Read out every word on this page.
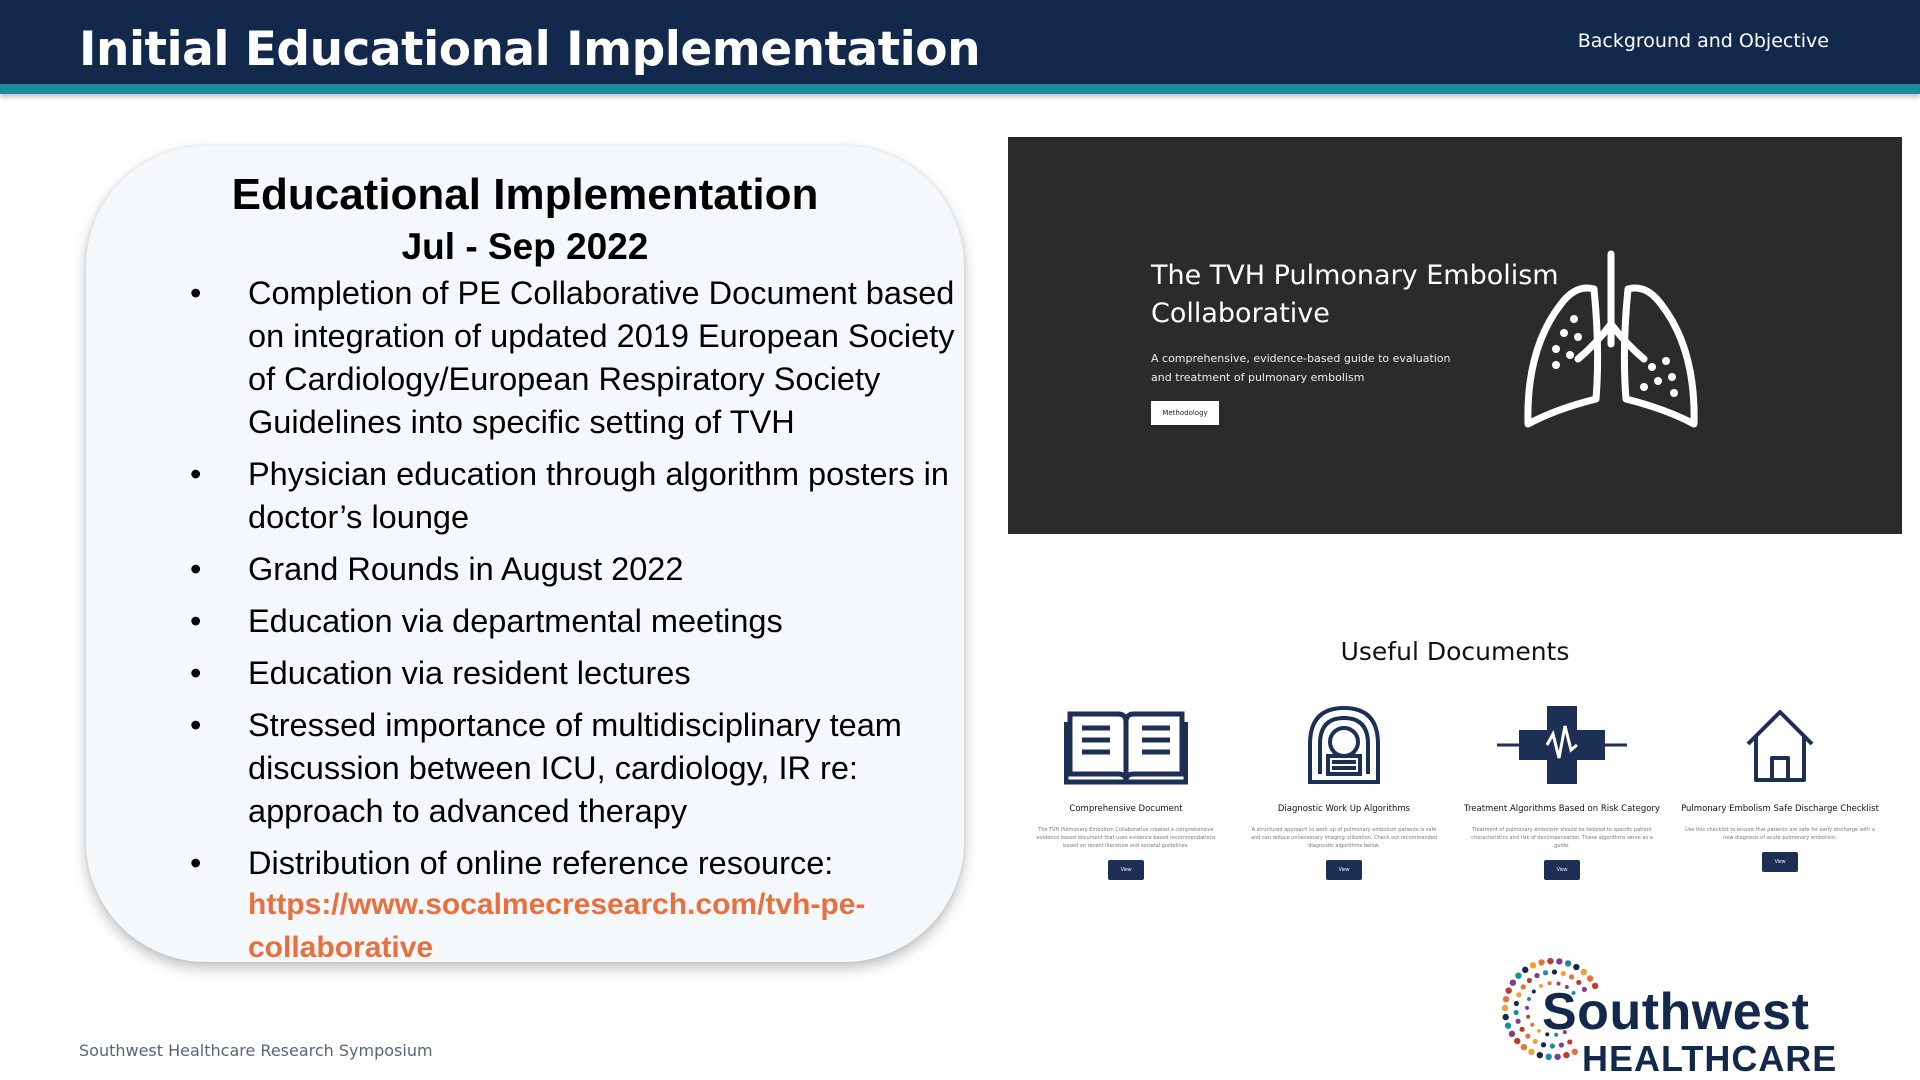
Initial Educational Implementation	Background and Objective
Educational Implementation
Jul - Sep 2022
• Completion of PE Collaborative Document based on integration of updated 2019 European Society of Cardiology/European Respiratory Society Guidelines into specific setting of TVH
• Physician education through algorithm posters in doctor’s lounge
• Grand Rounds in August 2022
• Education via departmental meetings
• Education via resident lectures
• Stressed importance of multidisciplinary team discussion between ICU, cardiology, IR re: approach to advanced therapy
• Distribution of online reference resource:
https://www.socalmecresearch.com/tvh-pe-collaborative
The TVH Pulmonary Embolism Collaborative
A comprehensive, evidence-based guide to evaluation and treatment of pulmonary embolism
Methodology
Useful Documents
Comprehensive Document
The TVH Pulmonary Embolism Collaborative created a comprehensive evidence based document that uses evidence based recommendations based on recent literature and societal guidelines.
View
Diagnostic Work Up Algorithms
A structured approach to work up of pulmonary embolism patients is safe and can reduce unnecessary imaging utilization. Check out recommended diagnostic algorithms below.
View
Treatment Algorithms Based on Risk Category
Treatment of pulmonary embolism should be tailored to specific patient characteristics and risk of decompensation. These algorithms serve as a guide.
View
Pulmonary Embolism Safe Discharge Checklist
Use this checklist to ensure that patients are safe for early discharge with a new diagnosis of acute pulmonary embolism.
View
Southwest Healthcare Research Symposium
Southwest
HEALTHCARE
